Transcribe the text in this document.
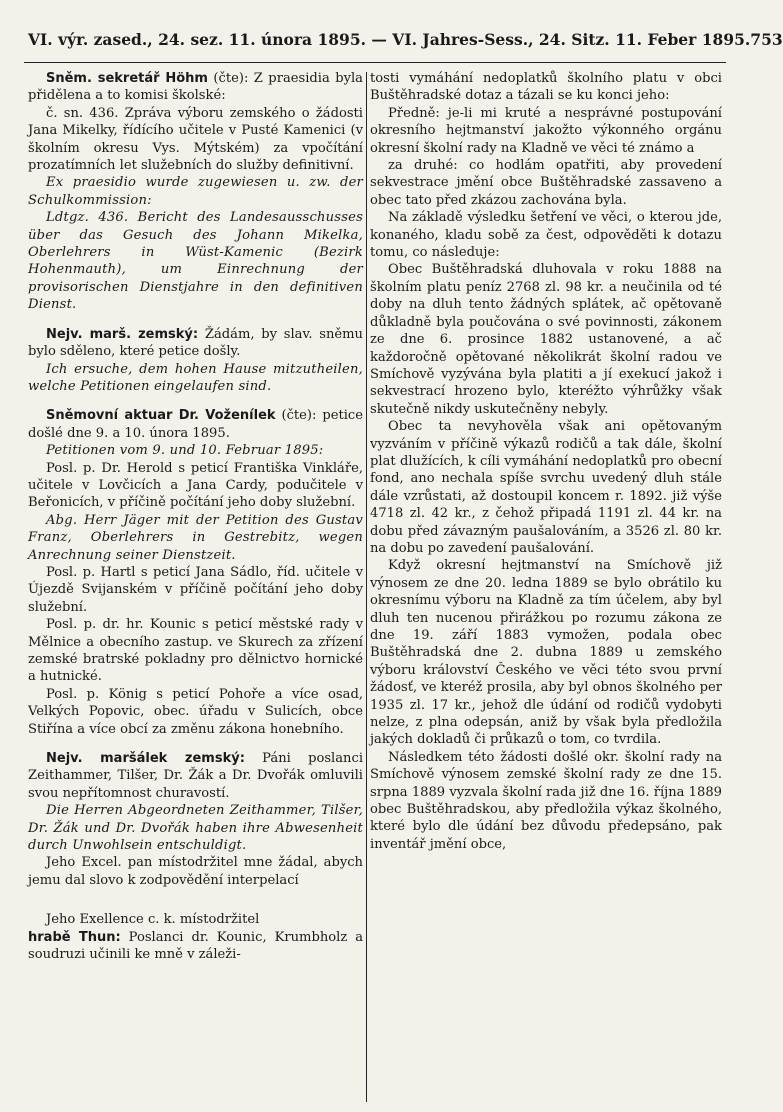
VI. výr. zased., 24. sez. 11. února 1895. — VI. Jahres-Sess., 24. Sitz. 11. Feber 1895. 753

Sněm. sekretář Höhm (čte): Z praesidia byla přidělena a to komisi školské:

č. sn. 436. Zpráva výboru zemského o žádosti Jana Mikelky, řídícího učitele v Pusté Kamenici (v školním okresu Vys. Mýtském) za vpočítání prozatímních let služebních do služby definitivní.

Ex praesidio wurde zugewiesen u. zw. der Schulkommission:

Ldtgz. 436. Bericht des Landesausschusses über das Gesuch des Johann Mikelka, Oberlehrers in Wüst-Kamenic (Bezirk Hohenmauth), um Einrechnung der provisorischen Dienstjahre in den definitiven Dienst.

Nejv. marš. zemský: Žádám, by slav. sněmu bylo sděleno, které petice došly.

Ich ersuche, dem hohen Hause mitzutheilen, welche Petitionen eingelaufen sind.

Sněmovní aktuar Dr. Voženílek (čte): petice došlé dne 9. a 10. února 1895.

Petitionen vom 9. und 10. Februar 1895:

Posl. p. Dr. Herold s peticí Františka Vinkláře, učitele v Lovčicích a Jana Cardy, podučitele v Beřonicích, v příčině počítání jeho doby služební.

Abg. Herr Jäger mit der Petition des Gustav Franz, Oberlehrers in Gestrebitz, wegen Anrechnung seiner Dienstzeit.

Posl. p. Hartl s peticí Jana Sádlo, říd. učitele v Újezdě Svijanském v příčině počítání jeho doby služební.

Posl. p. dr. hr. Kounic s peticí městské rady v Mělnice a obecního zastup. ve Skurech za zřízení zemské bratrské pokladny pro dělnictvo hornické a hutnické.

Posl. p. König s peticí Pohoře a více osad, Velkých Popovic, obec. úřadu v Sulicích, obce Stiřína a více obcí za změnu zákona honebního.

Nejv. maršálek zemský: Páni poslanci Zeithammer, Tilšer, Dr. Žák a Dr. Dvořák omluvili svou nepřítomnost churavostí.

Die Herren Abgeordneten Zeithammer, Tilšer, Dr. Žák und Dr. Dvořák haben ihre Abwesenheit durch Unwohlsein entschuldigt.

Jeho Excel. pan místodržitel mne žádal, abych jemu dal slovo k zodpovědění interpelací

Jeho Exellence c. k. místodržitel
hrabě Thun: Poslanci dr. Kounic, Krumbholz a soudruzi učinili ke mně v záleži-

tosti vymáhání nedoplatků školního platu v obci Buštěhradské dotaz a tázali se ku konci jeho:

Předně: je-li mi kruté a nesprávné postupování okresního hejtmanství jakožto výkonného orgánu okresní školní rady na Kladně ve věci té známo a

za druhé: co hodlám opatřiti, aby provedení sekvestrace jmění obce Buštěhradské zassaveno a obec tato před zkázou zachována byla.

Na základě výsledku šetření ve věci, o kterou jde, konaného, kladu sobě za čest, odpověděti k dotazu tomu, co následuje:

Obec Buštěhradská dluhovala v roku 1888 na školním platu peníz 2768 zl. 98 kr. a neučinila od té doby na dluh tento žádných splátek, ač opětovaně důkladně byla poučována o své povinnosti, zákonem ze dne 6. prosince 1882 ustanovené, a ač každoročně opětované několikrát školní radou ve Smíchově vyzývána byla platiti a jí exekucí jakož i sekvestrací hrozeno bylo, kteréžto výhrůžky však skutečně nikdy uskutečněny nebyly.

Obec ta nevyhověla však ani opětovaným vyzváním v příčině výkazů rodičů a tak dále, školní plat dlužících, k cíli vymáhání nedoplatků pro obecní fond, ano nechala spíše svrchu uvedený dluh stále dále vzrůstati, až dostoupil koncem r. 1892. již výše 4718 zl. 42 kr., z čehož připadá 1191 zl. 44 kr. na dobu před závazným paušalováním, a 3526 zl. 80 kr. na dobu po zavedení paušalování.

Když okresní hejtmanství na Smíchově již výnosem ze dne 20. ledna 1889 se bylo obrátilo ku okresnímu výboru na Kladně za tím účelem, aby byl dluh ten nucenou přirážkou po rozumu zákona ze dne 19. září 1883 vymožen, podala obec Buštěhradská dne 2. dubna 1889 u zemského výboru království Českého ve věci této svou první žádosť, ve kteréž prosila, aby byl obnos školného per 1935 zl. 17 kr., jehož dle údání od rodičů vydobyti nelze, z plna odepsán, aniž by však byla předložila jakých dokladů či průkazů o tom, co tvrdila.

Následkem této žádosti došlé okr. školní rady na Smíchově výnosem zemské školní rady ze dne 15. srpna 1889 vyzvala školní rada již dne 16. října 1889 obec Buštěhradskou, aby předložila výkaz školného, které bylo dle údání bez důvodu předepsáno, pak inventář jmění obce,
